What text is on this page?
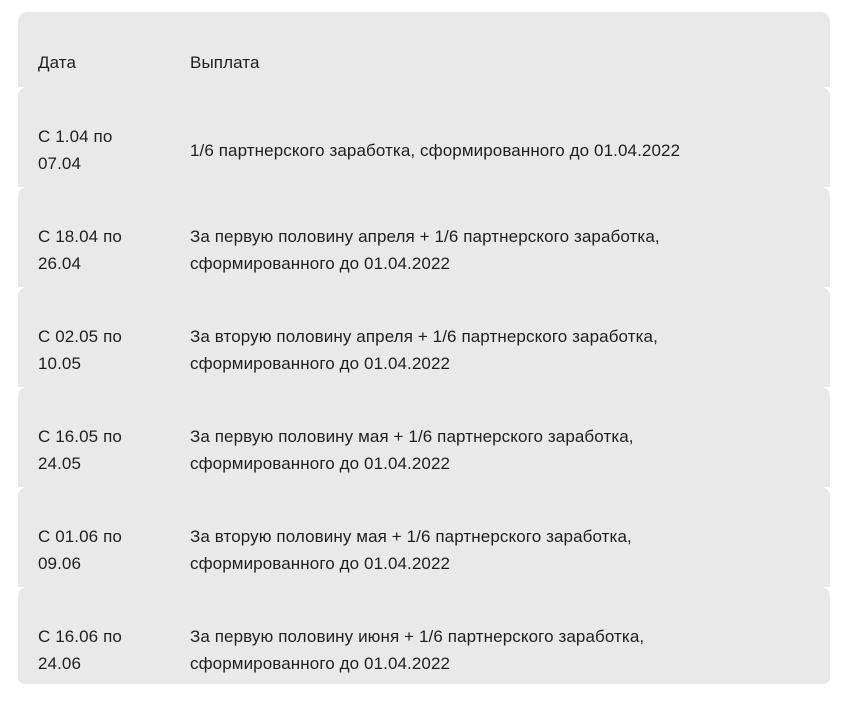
Дата	Выплата
С 1.04 по
07.04
1/6 партнерского заработка, сформированного до 01.04.2022
С 18.04 по
26.04
За первую половину апреля + 1/6 партнерского заработка,
сформированного до 01.04.2022
С 02.05 по
10.05
За вторую половину апреля + 1/6 партнерского заработка,
сформированного до 01.04.2022
С 16.05 по
24.05
За первую половину мая + 1/6 партнерского заработка,
сформированного до 01.04.2022
С 01.06 по
09.06
За вторую половину мая + 1/6 партнерского заработка,
сформированного до 01.04.2022
С 16.06 по
24.06
За первую половину июня + 1/6 партнерского заработка,
сформированного до 01.04.2022
